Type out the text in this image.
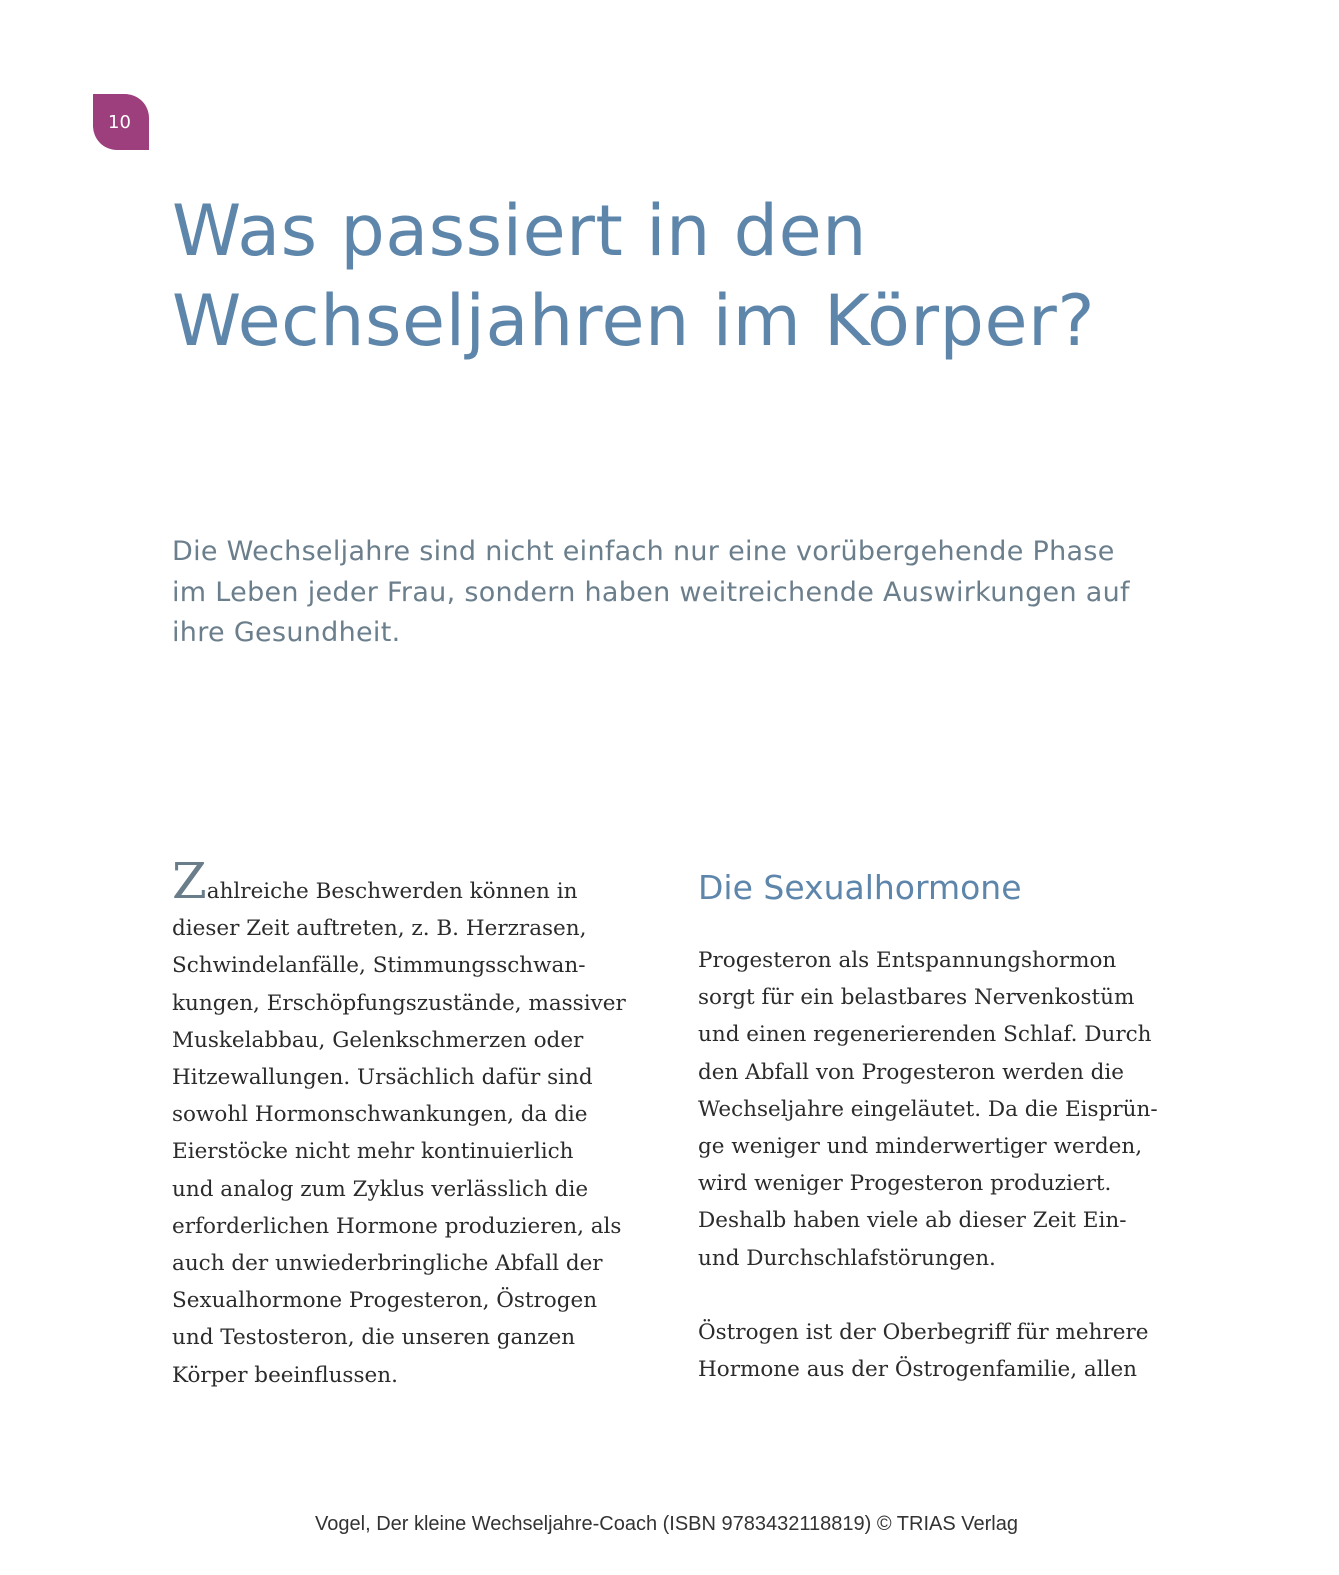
10
Was passiert in den
Wechseljahren im Körper?

Die Wechseljahre sind nicht einfach nur eine vorübergehende Phase
im Leben jeder Frau, sondern haben weitreichende Auswirkungen auf
ihre Gesundheit.

Zahlreiche Beschwerden können in
dieser Zeit auftreten, z. B. Herzrasen,
Schwindelanfälle, Stimmungsschwan-
kungen, Erschöpfungszustände, massiver
Muskelabbau, Gelenkschmerzen oder
Hitzewallungen. Ursächlich dafür sind
sowohl Hormonschwankungen, da die
Eierstöcke nicht mehr kontinuierlich
und analog zum Zyklus verlässlich die
erforderlichen Hormone produzieren, als
auch der unwiederbringliche Abfall der
Sexualhormone Progesteron, Östrogen
und Testosteron, die unseren ganzen
Körper beeinflussen.
Die Sexualhormone
Progesteron als Entspannungshormon
sorgt für ein belastbares Nervenkostüm
und einen regenerierenden Schlaf. Durch
den Abfall von Progesteron werden die
Wechseljahre eingeläutet. Da die Eisprün-
ge weniger und minderwertiger werden,
wird weniger Progesteron produziert.
Deshalb haben viele ab dieser Zeit Ein-
und Durchschlafstörungen.
Östrogen ist der Oberbegriff für mehrere
Hormone aus der Östrogenfamilie, allen
Vogel, Der kleine Wechseljahre-Coach (ISBN 9783432118819) © TRIAS Verlag
